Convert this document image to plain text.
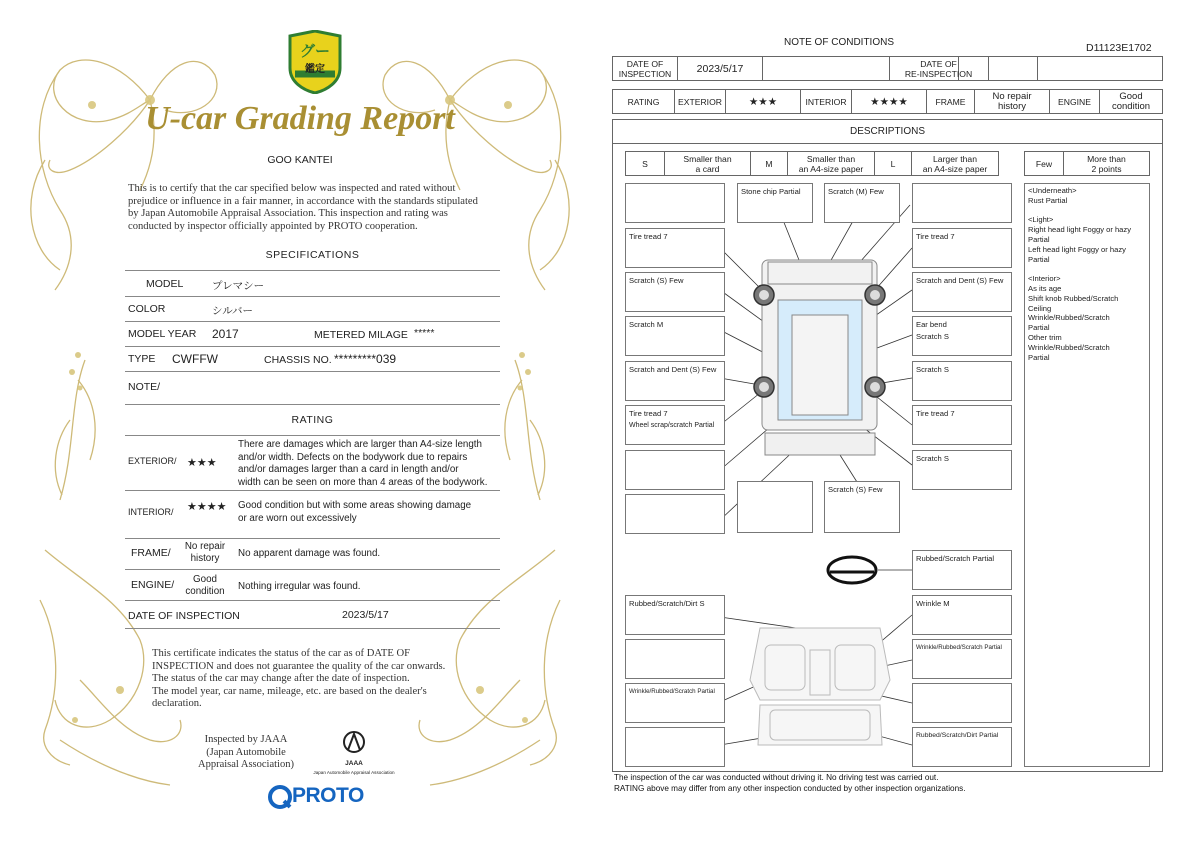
グー
鑑定
U-car Grading Report
GOO KANTEI
This is to certify that the car specified below was inspected and rated without
prejudice or influence in a fair manner, in accordance with the standards stipulated
by Japan Automobile Appraisal Association. This inspection and rating was
conducted by inspector officially appointed by PROTO cooperation.
SPECIFICATIONS
MODEL	プレマシー
COLOR	シルバー
MODEL YEAR 2017	METERED MILAGE *****
TYPE CWFFW	CHASSIS NO. *********039
NOTE/
RATING
EXTERIOR/ ★★★
There are damages which are larger than A4-size length
and/or width. Defects on the bodywork due to repairs
and/or damages larger than a card in length and/or
width can be seen on more than 4 areas of the bodywork.
INTERIOR/ ★★★★ Good condition but with some areas showing damage
or are worn out excessively
FRAME/
No repair
history	No apparent damage was found.
ENGINE/	Good
condition	Nothing irregular was found.
DATE OF INSPECTION	2023/5/17
This certificate indicates the status of the car as of DATE OF
INSPECTION and does not guarantee the quality of the car onwards.
The status of the car may change after the date of inspection.
The model year, car name, mileage, etc. are based on the dealer's
declaration.
Inspected by JAAA
(Japan Automobile
Appraisal Association)	JAAA
Japan Automobile Appraisal Association
PROTO
NOTE OF CONDITIONS	D11123E1702
DATE OF
INSPECTION	2023/5/17	DATE OF
RE-INSPECTION
RATING	EXTERIOR	★★★	INTERIOR	★★★★	FRAME	No repair
history	ENGINE	Good
condition
DESCRIPTIONS
S	Smaller than
a card	M	Smaller than
an A4-size paper	L	Larger than
an A4-size paper	Few	More than
2 points
Tire tread 7
Scratch (S) Few
Scratch M
Scratch and Dent (S) Few
Tire tread 7
Wheel scrap/scratch Partial
Stone chip Partial	Scratch (M) Few
Scratch (S) Few
Tire tread 7
Scratch and Dent (S) Few
Ear bend
Scratch S
Scratch S
Tire tread 7
Scratch S
Rubbed/Scratch Partial
Rubbed/Scratch/Dirt S
Wrinkle/Rubbed/Scratch Partial
Wrinkle M
Wrinkle/Rubbed/Scratch Partial
Rubbed/Scratch/Dirt Partial
<Underneath>
Rust Partial
<Light>
Right head light Foggy or hazy
Partial
Left head light Foggy or hazy
Partial
<Interior>
As its age
Shift knob Rubbed/Scratch
Ceiling
Wrinkle/Rubbed/Scratch
Partial
Other trim
Wrinkle/Rubbed/Scratch
Partial
The inspection of the car was conducted without driving it. No driving test was carried out.
RATING above may differ from any other inspection conducted by other inspection organizations.
